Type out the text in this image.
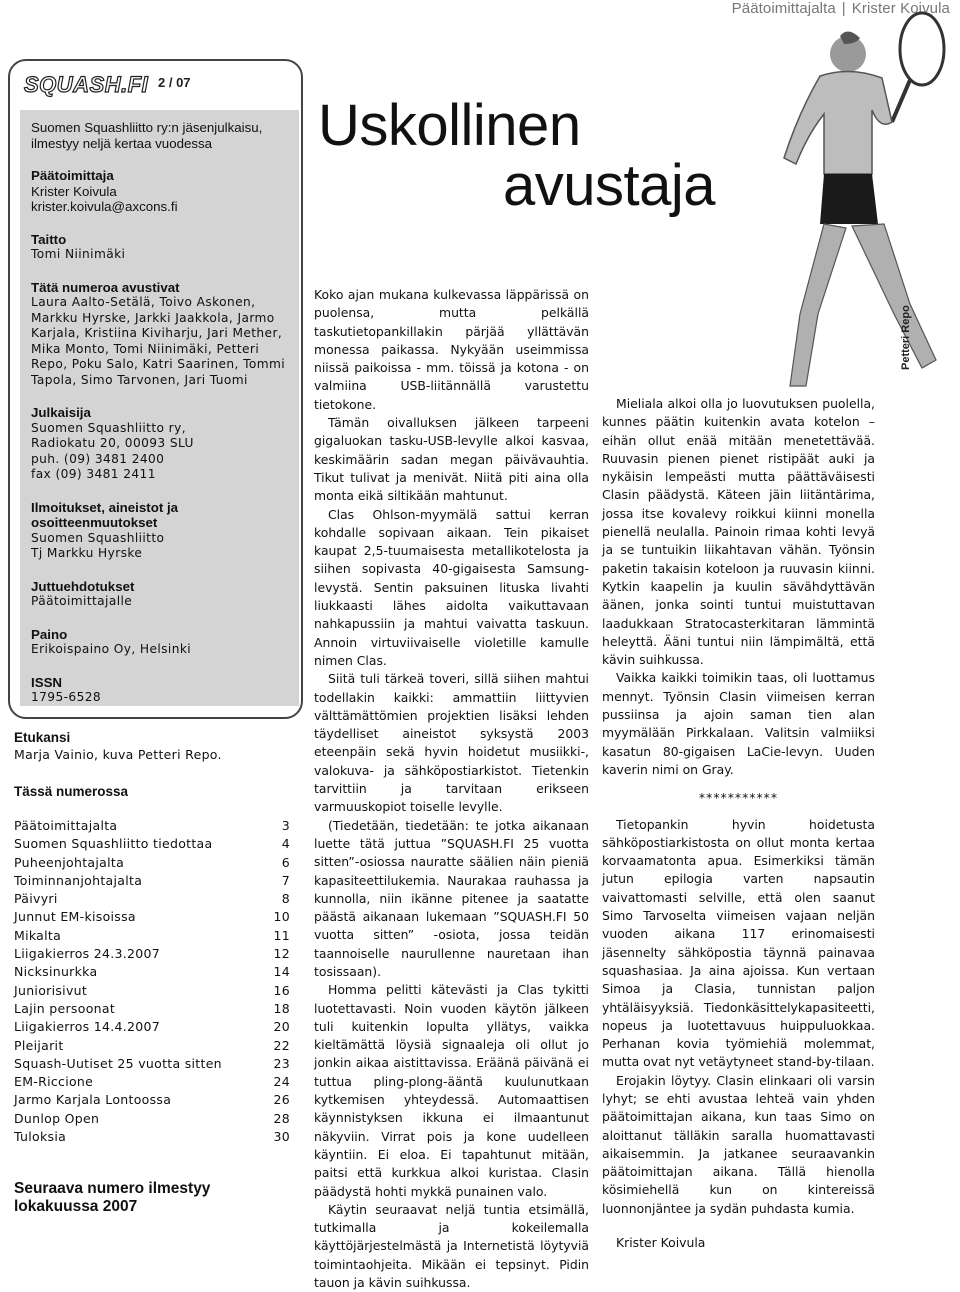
Päätoimittajalta | Krister Koivula
SQUASH.FI 2 / 07
Suomen Squashliitto ry:n jäsenjulkaisu, ilmestyy neljä kertaa vuodessa
Päätoimittaja
Krister Koivula
krister.koivula@axcons.fi
Taitto
Tomi Niinimäki
Tätä numeroa avustivat
Laura Aalto-Setälä, Toivo Askonen, Markku Hyrske, Jarkki Jaakkola, Jarmo Karjala, Kristiina Kiviharju, Jari Mether, Mika Monto, Tomi Niinimäki, Petteri Repo, Poku Salo, Katri Saarinen, Tommi Tapola, Simo Tarvonen, Jari Tuomi
Julkaisija
Suomen Squashliitto ry,
Radiokatu 20, 00093 SLU
puh. (09) 3481 2400
fax (09) 3481 2411
Ilmoitukset, aineistot ja osoitteenmuutokset
Suomen Squashliitto
Tj Markku Hyrske
Juttuehdotukset
Päätoimittajalle
Paino
Erikoispaino Oy, Helsinki
ISSN
1795-6528
Etukansi
Marja Vainio, kuva Petteri Repo.
Tässä numerossa
Päätoimittajalta	3
Suomen Squashliitto tiedottaa	4
Puheenjohtajalta	6
Toiminnanjohtajalta	7
Päivyri	8
Junnut EM-kisoissa	10
Mikalta	11
Liigakierros 24.3.2007	12
Nicksinurkka	14
Juniorisivut	16
Lajin persoonat	18
Liigakierros 14.4.2007	20
Pleijarit	22
Squash-Uutiset 25 vuotta sitten	23
EM-Riccione	24
Jarmo Karjala Lontoossa	26
Dunlop Open	28
Tuloksia	30
Seuraava numero ilmestyy lokakuussa 2007
Uskollinen
avustaja
Petteri Repo

Koko ajan mukana kulkevassa läppärissä on puolensa, mutta pelkällä taskutietopankillakin pärjää yllättävän monessa paikassa. Nykyään useimmissa niissä paikoissa - mm. töissä ja kotona - on valmiina USB-liitännällä varustettu tietokone.

Tämän oivalluksen jälkeen tarpeeni gigaluokan tasku-USB-levylle alkoi kasvaa, keskimäärin sadan megan päivävauhtia. Tikut tulivat ja menivät. Niitä piti aina olla monta eikä siltikään mahtunut.

Clas Ohlson-myymälä sattui kerran kohdalle sopivaan aikaan. Tein pikaiset kaupat 2,5-tuumaisesta metallikotelosta ja siihen sopivasta 40-gigaisesta Samsung-levystä. Sentin paksuinen lituska livahti liukkaasti lähes aidolta vaikuttavaan nahkapussiin ja mahtui vaivatta taskuun. Annoin virtuviivaiselle violetille kamulle nimen Clas.

Siitä tuli tärkeä toveri, sillä siihen mahtui todellakin kaikki: ammattiin liittyvien välttämättömien projektien lisäksi lehden täydelliset aineistot syksystä 2003 eteenpäin sekä hyvin hoidetut musiikki-, valokuva- ja sähköpostiarkistot. Tietenkin tarvittiin ja tarvitaan erikseen varmuuskopiot toiselle levylle.

(Tiedetään, tiedetään: te jotka aikanaan luette tätä juttua ”SQUASH.FI 25 vuotta sitten”-osiossa nauratte säälien näin pieniä kapasiteettilukemia. Naurakaa rauhassa ja kunnolla, niin ikänne pitenee ja saatatte päästä aikanaan lukemaan ”SQUASH.FI 50 vuotta sitten” -osiota, jossa teidän taannoiselle naurullenne nauretaan ihan tosissaan).

Homma pelitti kätevästi ja Clas tykitti luotettavasti. Noin vuoden käytön jälkeen tuli kuitenkin lopulta yllätys, vaikka kieltämättä löysiä signaaleja oli ollut jo jonkin aikaa aistittavissa. Eräänä päivänä ei tuttua pling-plong-ääntä kuulunutkaan kytkemisen yhteydessä. Automaattisen käynnistyksen ikkuna ei ilmaantunut näkyviin. Virrat pois ja kone uudelleen käyntiin. Ei eloa. Ei tapahtunut mitään, paitsi että kurkkua alkoi kuristaa. Clasin päädystä hohti mykkä punainen valo.

Käytin seuraavat neljä tuntia etsimällä, tutkimalla ja kokeilemalla käyttöjärjestelmästä ja Internetistä löytyviä toimintaohjeita. Mikään ei tepsinyt. Pidin tauon ja kävin suihkussa.

Mieliala alkoi olla jo luovutuksen puolella, kunnes päätin kuitenkin avata kotelon – eihän ollut enää mitään menetettävää. Ruuvasin pienen pienet ristipäät auki ja nykäisin lempeästi mutta päättäväisesti Clasin päädystä. Käteen jäin liitäntärima, jossa itse kovalevy roikkui kiinni monella pienellä neulalla. Painoin rimaa kohti levyä ja se tuntuikin liikahtavan vähän. Työnsin paketin takaisin koteloon ja ruuvasin kiinni. Kytkin kaapelin ja kuulin sävähdyttävän äänen, jonka sointi tuntui muistuttavan laadukkaan Stratocasterkitaran lämmintä heleyttä. Ääni tuntui niin lämpimältä, että kävin suihkussa.

Vaikka kaikki toimikin taas, oli luottamus mennyt. Työnsin Clasin viimeisen kerran pussiinsa ja ajoin saman tien alan myymälään Pirkkalaan. Valitsin valmiiksi kasatun 80-gigaisen LaCie-levyn. Uuden kaverin nimi on Gray.

***********

Tietopankin hyvin hoidetusta sähköpostiarkistosta on ollut monta kertaa korvaamatonta apua. Esimerkiksi tämän jutun epilogia varten napsautin vaivattomasti selville, että olen saanut Simo Tarvoselta viimeisen vajaan neljän vuoden aikana 117 erinomaisesti jäsennelty sähköpostia täynnä painavaa squashasiaa. Ja aina ajoissa. Kun vertaan Simoa ja Clasia, tunnistan paljon yhtäläisyyksiä. Tiedonkäsittelykapasiteetti, nopeus ja luotettavuus huippuluokkaa. Perhanan kovia työmiehiä molemmat, mutta ovat nyt vetäytyneet stand-by-tilaan.

Erojakin löytyy. Clasin elinkaari oli varsin lyhyt; se ehti avustaa lehteä vain yhden päätoimittajan aikana, kun taas Simo on aloittanut tälläkin saralla huomattavasti aikaisemmin. Ja jatkanee seuraavankin päätoimittajan aikana. Tällä hienolla kösimiehellä kun on kintereissä luonnonjäntee ja sydän puhdasta kumia.

Krister Koivula
